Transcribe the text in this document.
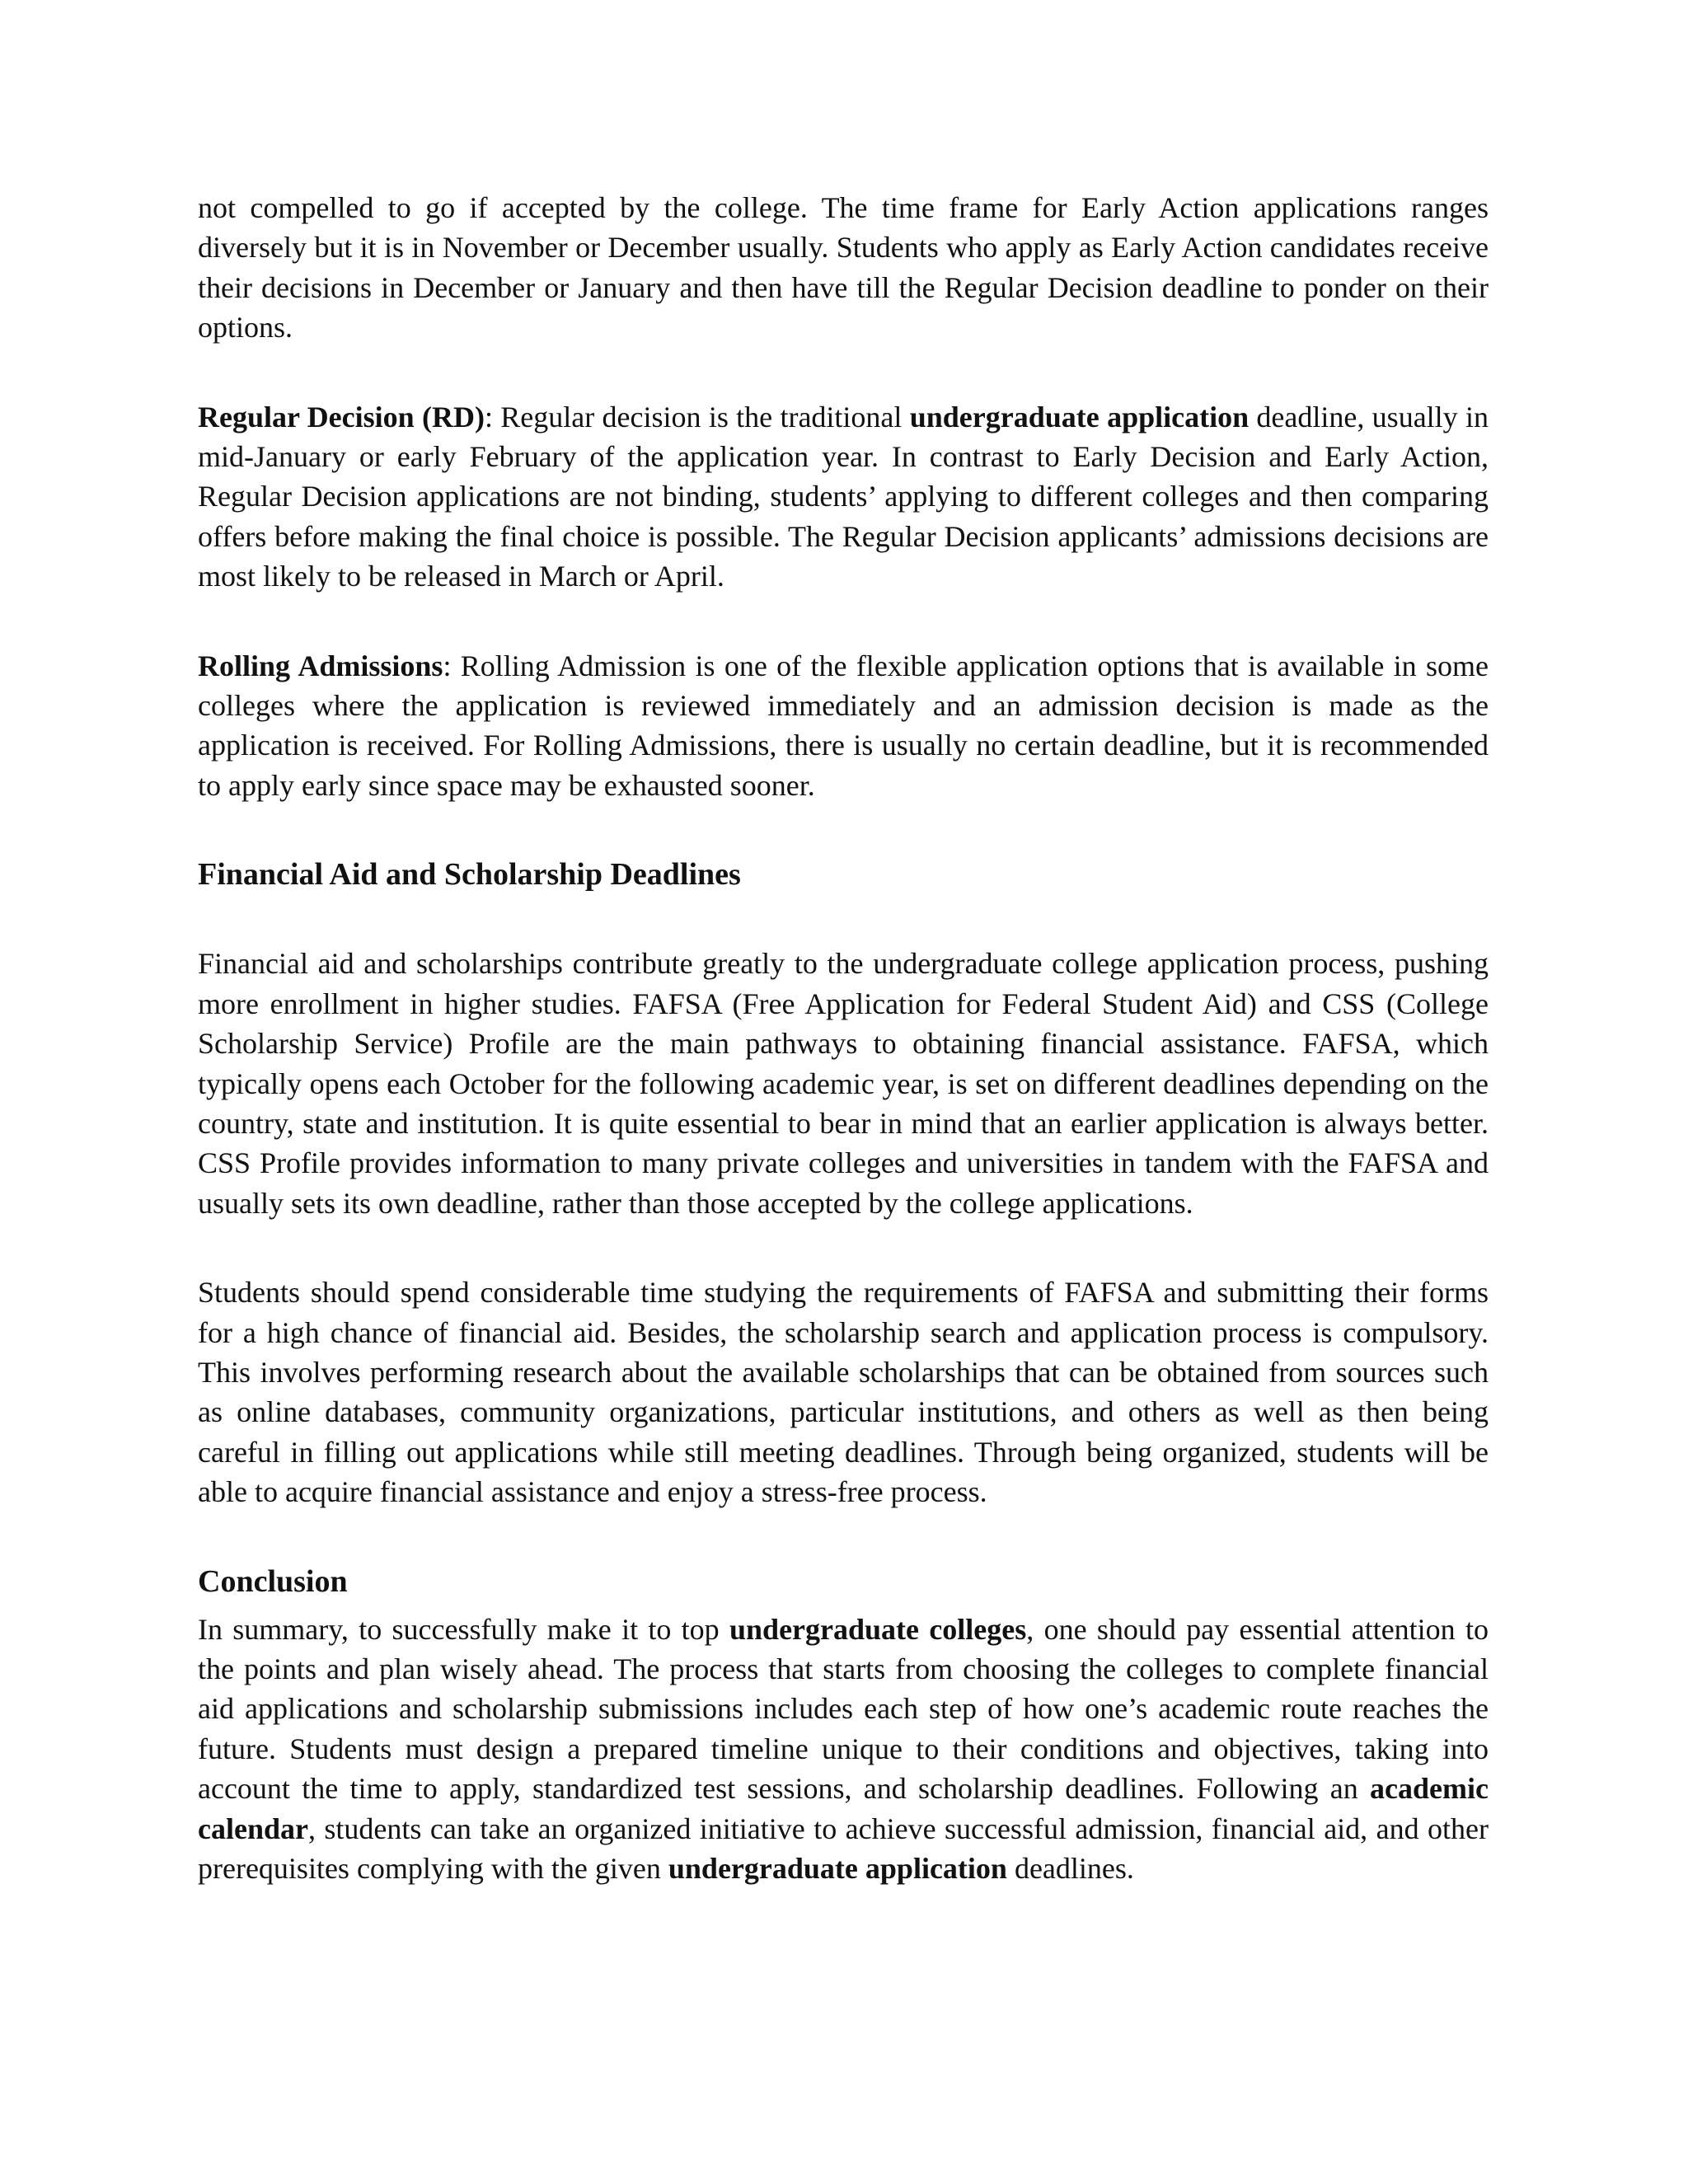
not compelled to go if accepted by the college. The time frame for Early Action applications ranges diversely but it is in November or December usually. Students who apply as Early Action candidates receive their decisions in December or January and then have till the Regular Decision deadline to ponder on their options.

Regular Decision (RD): Regular decision is the traditional undergraduate application deadline, usually in mid-January or early February of the application year. In contrast to Early Decision and Early Action, Regular Decision applications are not binding, students’ applying to different colleges and then comparing offers before making the final choice is possible. The Regular Decision applicants’ admissions decisions are most likely to be released in March or April.

Rolling Admissions: Rolling Admission is one of the flexible application options that is available in some colleges where the application is reviewed immediately and an admission decision is made as the application is received. For Rolling Admissions, there is usually no certain deadline, but it is recommended to apply early since space may be exhausted sooner.

Financial Aid and Scholarship Deadlines

Financial aid and scholarships contribute greatly to the undergraduate college application process, pushing more enrollment in higher studies. FAFSA (Free Application for Federal Student Aid) and CSS (College Scholarship Service) Profile are the main pathways to obtaining financial assistance. FAFSA, which typically opens each October for the following academic year, is set on different deadlines depending on the country, state and institution. It is quite essential to bear in mind that an earlier application is always better. CSS Profile provides information to many private colleges and universities in tandem with the FAFSA and usually sets its own deadline, rather than those accepted by the college applications.

Students should spend considerable time studying the requirements of FAFSA and submitting their forms for a high chance of financial aid. Besides, the scholarship search and application process is compulsory. This involves performing research about the available scholarships that can be obtained from sources such as online databases, community organizations, particular institutions, and others as well as then being careful in filling out applications while still meeting deadlines. Through being organized, students will be able to acquire financial assistance and enjoy a stress-free process.

Conclusion

In summary, to successfully make it to top undergraduate colleges, one should pay essential attention to the points and plan wisely ahead. The process that starts from choosing the colleges to complete financial aid applications and scholarship submissions includes each step of how one’s academic route reaches the future. Students must design a prepared timeline unique to their conditions and objectives, taking into account the time to apply, standardized test sessions, and scholarship deadlines. Following an academic calendar, students can take an organized initiative to achieve successful admission, financial aid, and other prerequisites complying with the given undergraduate application deadlines.
